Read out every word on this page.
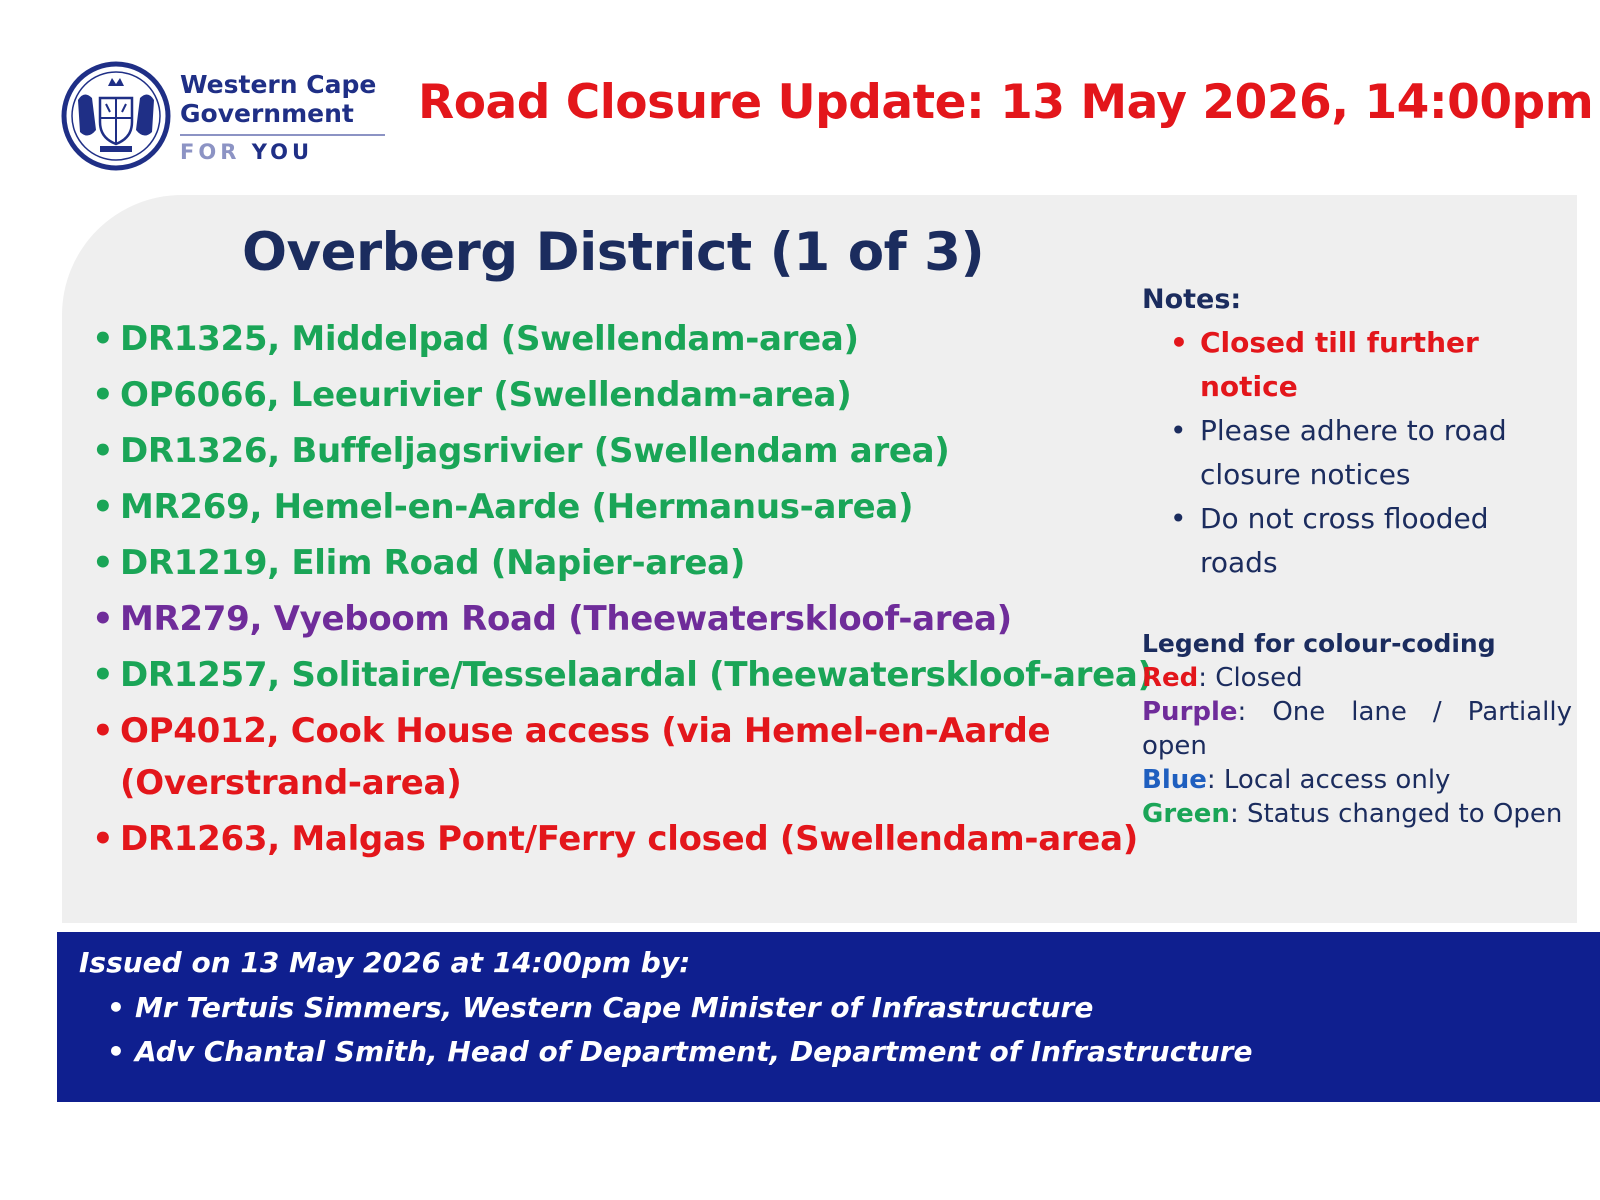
Western Cape
Government
FOR YOU
Road Closure Update: 13 May 2026, 14:00pm
Overberg District (1 of 3)
• DR1325, Middelpad (Swellendam-area)
• OP6066, Leeurivier (Swellendam-area)
• DR1326, Buffeljagsrivier (Swellendam area)
• MR269, Hemel-en-Aarde (Hermanus-area)
• DR1219, Elim Road (Napier-area)
• MR279, Vyeboom Road (Theewaterskloof-area)
• DR1257, Solitaire/Tesselaardal (Theewaterskloof-area)
• OP4012, Cook House access (via Hemel-en-Aarde (Overstrand-area)
• DR1263, Malgas Pont/Ferry closed (Swellendam-area)
Notes:
• Closed till further notice
• Please adhere to road closure notices
• Do not cross flooded roads
Legend for colour-coding
Red: Closed
Purple: One lane / Partially open
Blue: Local access only
Green: Status changed to Open
Issued on 13 May 2026 at 14:00pm by:
• Mr Tertuis Simmers, Western Cape Minister of Infrastructure
• Adv Chantal Smith, Head of Department, Department of Infrastructure
